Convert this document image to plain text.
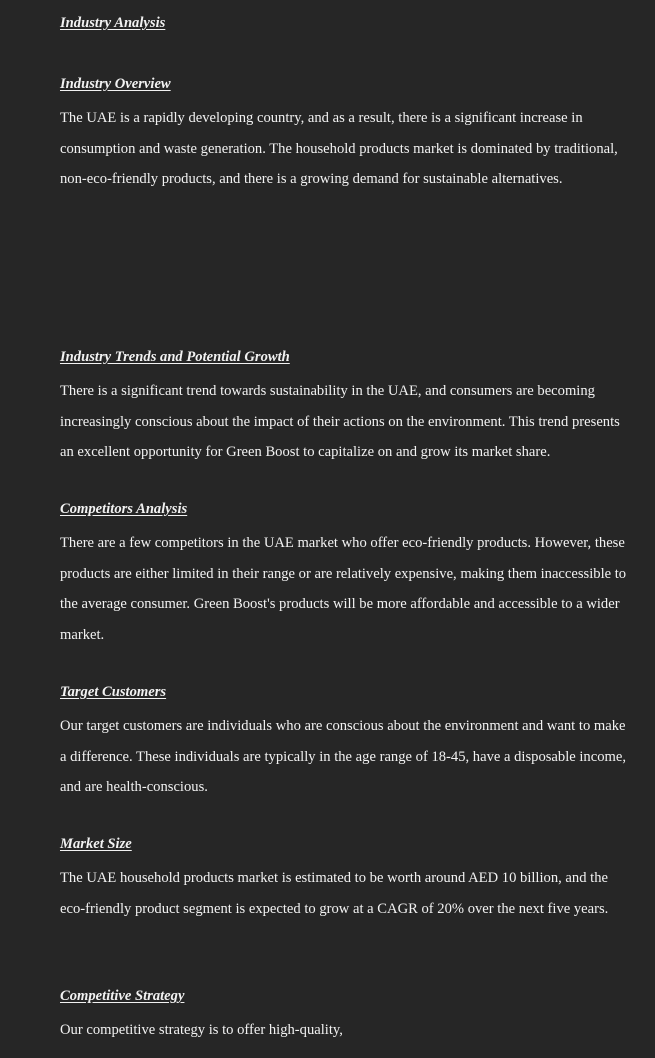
Industry Analysis
Industry Overview

The UAE is a rapidly developing country, and as a result, there is a significant increase in consumption and waste generation. The household products market is dominated by traditional, non-eco-friendly products, and there is a growing demand for sustainable alternatives.

Industry Trends and Potential Growth

There is a significant trend towards sustainability in the UAE, and consumers are becoming increasingly conscious about the impact of their actions on the environment. This trend presents an excellent opportunity for Green Boost to capitalize on and grow its market share.

Competitors Analysis

There are a few competitors in the UAE market who offer eco-friendly products. However, these products are either limited in their range or are relatively expensive, making them inaccessible to the average consumer. Green Boost's products will be more affordable and accessible to a wider market.

Target Customers

Our target customers are individuals who are conscious about the environment and want to make a difference. These individuals are typically in the age range of 18-45, have a disposable income, and are health-conscious.

Market Size

The UAE household products market is estimated to be worth around AED 10 billion, and the eco-friendly product segment is expected to grow at a CAGR of 20% over the next five years.

Competitive Strategy

Our competitive strategy is to offer high-quality,
